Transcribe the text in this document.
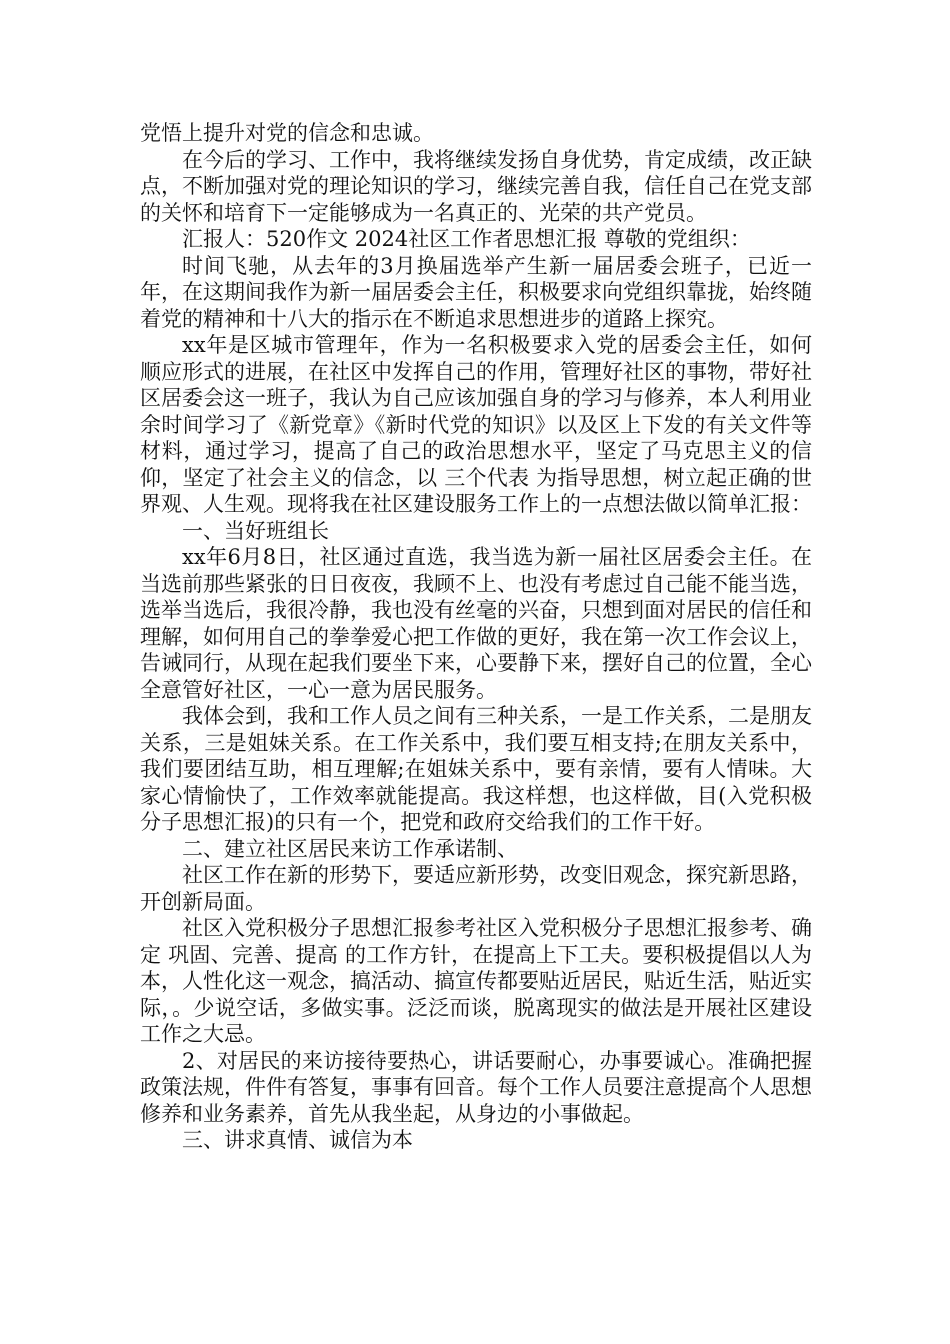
党悟上提升对党的信念和忠诚。

在今后的学习、工作中，我将继续发扬自身优势，肯定成绩，改正缺点，不断加强对党的理论知识的学习，继续完善自我，信任自己在党支部的关怀和培育下一定能够成为一名真正的、光荣的共产党员。

汇报人：520作文 2024社区工作者思想汇报 尊敬的党组织：

时间飞驰，从去年的3月换届选举产生新一届居委会班子，已近一年，在这期间我作为新一届居委会主任，积极要求向党组织靠拢，始终随着党的精神和十八大的指示在不断追求思想进步的道路上探究。

xx年是区城市管理年，作为一名积极要求入党的居委会主任，如何顺应形式的进展，在社区中发挥自己的作用，管理好社区的事物，带好社区居委会这一班子，我认为自己应该加强自身的学习与修养，本人利用业余时间学习了《新党章》《新时代党的知识》以及区上下发的有关文件等材料，通过学习，提高了自己的政治思想水平，坚定了马克思主义的信仰，坚定了社会主义的信念，以 三个代表 为指导思想，树立起正确的世界观、人生观。现将我在社区建设服务工作上的一点想法做以简单汇报：

一、当好班组长

xx年6月8日，社区通过直选，我当选为新一届社区居委会主任。在当选前那些紧张的日日夜夜，我顾不上、也没有考虑过自己能不能当选，选举当选后，我很冷静，我也没有丝毫的兴奋，只想到面对居民的信任和理解，如何用自己的拳拳爱心把工作做的更好，我在第一次工作会议上，告诫同行，从现在起我们要坐下来，心要静下来，摆好自己的位置，全心全意管好社区，一心一意为居民服务。

我体会到，我和工作人员之间有三种关系，一是工作关系，二是朋友关系，三是姐妹关系。在工作关系中，我们要互相支持;在朋友关系中，我们要团结互助，相互理解;在姐妹关系中，要有亲情，要有人情味。大家心情愉快了，工作效率就能提高。我这样想，也这样做，目(入党积极分子思想汇报)的只有一个，把党和政府交给我们的工作干好。

二、建立社区居民来访工作承诺制、

社区工作在新的形势下，要适应新形势，改变旧观念，探究新思路，开创新局面。

社区入党积极分子思想汇报参考社区入党积极分子思想汇报参考、确定 巩固、完善、提高 的工作方针，在提高上下工夫。要积极提倡以人为本，人性化这一观念，搞活动、搞宣传都要贴近居民，贴近生活，贴近实际，。少说空话，多做实事。泛泛而谈，脱离现实的做法是开展社区建设工作之大忌。

2、对居民的来访接待要热心，讲话要耐心，办事要诚心。准确把握政策法规，件件有答复，事事有回音。每个工作人员要注意提高个人思想修养和业务素养，首先从我坐起，从身边的小事做起。

三、讲求真情、诚信为本
